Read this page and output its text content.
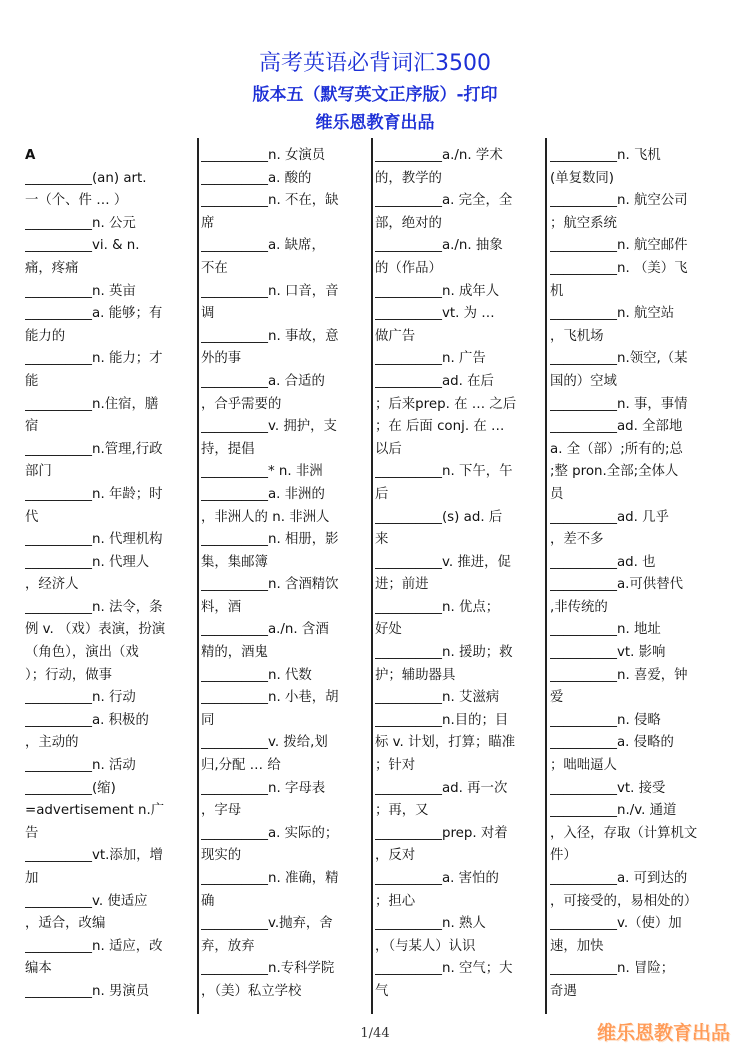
高考英语必背词汇3500
版本五（默写英文正序版）-打印
维乐恩教育出品
A
__________(an) art.
一（个、件 … ）
__________n. 公元
__________vi. & n.
痛，疼痛
__________n. 英亩
__________a. 能够；有
能力的
__________n. 能力；才
能
__________n.住宿，膳
宿
__________n.管理,行政
部门
__________n. 年龄；时
代
__________n. 代理机构
__________n. 代理人
，经济人
__________n. 法令，条
例 v. （戏）表演，扮演
（角色），演出（戏
）；行动，做事
__________n. 行动
__________a. 积极的
，主动的
__________n. 活动
__________(缩)
=advertisement n.广
告
__________vt.添加，增
加
__________v. 使适应
，适合，改编
__________n. 适应，改
编本
__________n. 男演员
__________n. 女演员
__________a. 酸的
__________n. 不在，缺
席
__________a. 缺席，
不在
__________n. 口音，音
调
__________n. 事故，意
外的事
__________a. 合适的
，合乎需要的
__________v. 拥护，支
持，提倡
__________* n. 非洲
__________a. 非洲的
，非洲人的 n. 非洲人
__________n. 相册，影
集，集邮簿
__________n. 含酒精饮
料，酒
__________a./n. 含酒
精的，酒鬼
__________n. 代数
__________n. 小巷，胡
同
__________v. 拨给,划
归,分配 … 给
__________n. 字母表
，字母
__________a. 实际的；
现实的
__________n. 准确，精
确
__________v.抛弃，舍
弃，放弃
__________n.专科学院
，（美）私立学校
__________a./n. 学术
的，教学的
__________a. 完全，全
部，绝对的
__________a./n. 抽象
的（作品）
__________n. 成年人
__________vt. 为 …
做广告
__________n. 广告
__________ad. 在后
；后来prep. 在 … 之后
；在 后面 conj. 在 …
以后
__________n. 下午，午
后
__________(s) ad. 后
来
__________v. 推进，促
进；前进
__________n. 优点；
好处
__________n. 援助；救
护；辅助器具
__________n. 艾滋病
__________n.目的；目
标 v. 计划，打算；瞄准
；针对
__________ad. 再一次
；再，又
__________prep. 对着
，反对
__________a. 害怕的
；担心
__________n. 熟人
，（与某人）认识
__________n. 空气；大
气
__________n. 飞机
(单复数同)
__________n. 航空公司
；航空系统
__________n. 航空邮件
__________n. （美）飞
机
__________n. 航空站
，飞机场
__________n.领空,（某
国的）空域
__________n. 事，事情
__________ad. 全部地
a. 全（部）;所有的;总
;整 pron.全部;全体人
员
__________ad. 几乎
，差不多
__________ad. 也
__________a.可供替代
,非传统的
__________n. 地址
__________vt. 影响
__________n. 喜爱，钟
爱
__________n. 侵略
__________a. 侵略的
；咄咄逼人
__________vt. 接受
__________n./v. 通道
，入径，存取（计算机文
件）
__________a. 可到达的
，可接受的，易相处的）
__________v.（使）加
速，加快
__________n. 冒险；
奇遇
1/44	维乐恩教育出品
